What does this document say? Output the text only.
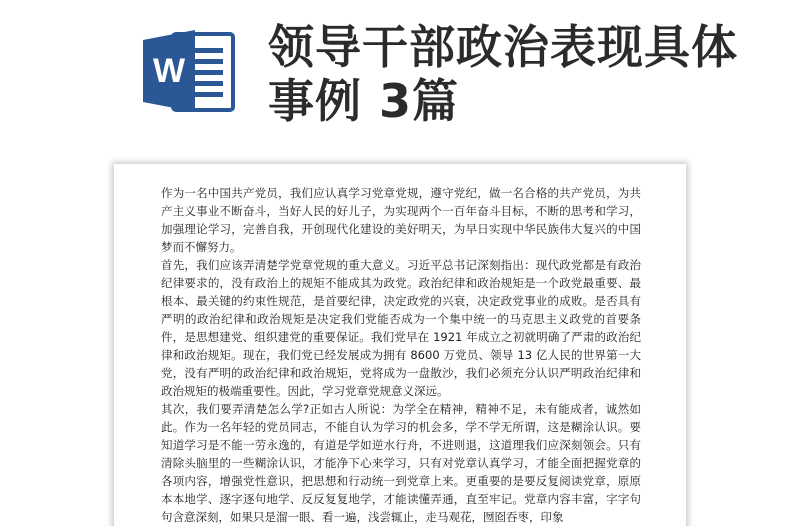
W 领导干部政治表现具体事例 3篇

作为一名中国共产党员，我们应认真学习党章党规，遵守党纪，做一名合格的共产党员，为共产主义事业不断奋斗，当好人民的好儿子，为实现两个一百年奋斗目标，不断的思考和学习，加强理论学习，完善自我，开创现代化建设的美好明天，为早日实现中华民族伟大复兴的中国梦而不懈努力。

首先，我们应该弄清楚学党章党规的重大意义。习近平总书记深刻指出：现代政党都是有政治纪律要求的，没有政治上的规矩不能成其为政党。政治纪律和政治规矩是一个政党最重要、最根本、最关键的约束性规范，是首要纪律，决定政党的兴衰，决定政党事业的成败。是否具有严明的政治纪律和政治规矩是决定我们党能否成为一个集中统一的马克思主义政党的首要条件，是思想建党、组织建党的重要保证。我们党早在 1921 年成立之初就明确了严肃的政治纪律和政治规矩。现在，我们党已经发展成为拥有 8600 万党员、领导 13 亿人民的世界第一大党，没有严明的政治纪律和政治规矩，党将成为一盘散沙，我们必须充分认识严明政治纪律和政治规矩的极端重要性。因此，学习党章党规意义深远。

其次，我们要弄清楚怎么学?正如古人所说：为学全在精神，精神不足，未有能成者，诚然如此。作为一名年轻的党员同志，不能自认为学习的机会多，学不学无所谓，这是糊涂认识。要知道学习是不能一劳永逸的，有道是学如逆水行舟，不进则退，这道理我们应深刻领会。只有清除头脑里的一些糊涂认识，才能净下心来学习，只有对党章认真学习，才能全面把握党章的各项内容，增强党性意识，把思想和行动统一到党章上来。更重要的是要反复阅读党章，原原本本地学、逐字逐句地学、反反复复地学，才能读懂弄通，直至牢记。党章内容丰富，字字句句含意深刻，如果只是溜一眼、看一遍，浅尝辄止，走马观花，囫囵吞枣，印象
